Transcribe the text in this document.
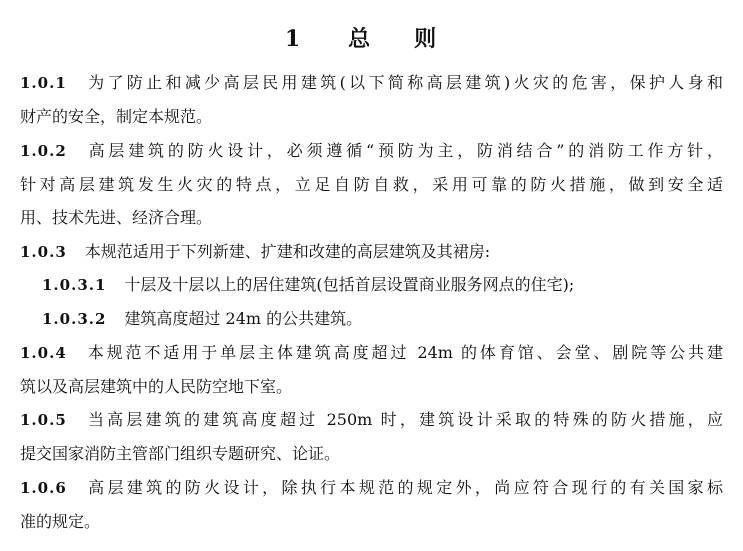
1 总 则
1.0.1 为了防止和减少高层民用建筑(以下简称高层建筑)火灾的危害，保护人身和
财产的安全，制定本规范。
1.0.2 高层建筑的防火设计，必须遵循“预防为主，防消结合”的消防工作方针，
针对高层建筑发生火灾的特点，立足自防自救，采用可靠的防火措施，做到安全适
用、技术先进、经济合理。
1.0.3 本规范适用于下列新建、扩建和改建的高层建筑及其裙房:
1.0.3.1 十层及十层以上的居住建筑(包括首层设置商业服务网点的住宅);
1.0.3.2 建筑高度超过 24m 的公共建筑。
1.0.4 本规范不适用于单层主体建筑高度超过 24m 的体育馆、会堂、剧院等公共建
筑以及高层建筑中的人民防空地下室。
1.0.5 当高层建筑的建筑高度超过 250m 时，建筑设计采取的特殊的防火措施，应
提交国家消防主管部门组织专题研究、论证。
1.0.6 高层建筑的防火设计，除执行本规范的规定外，尚应符合现行的有关国家标
准的规定。
